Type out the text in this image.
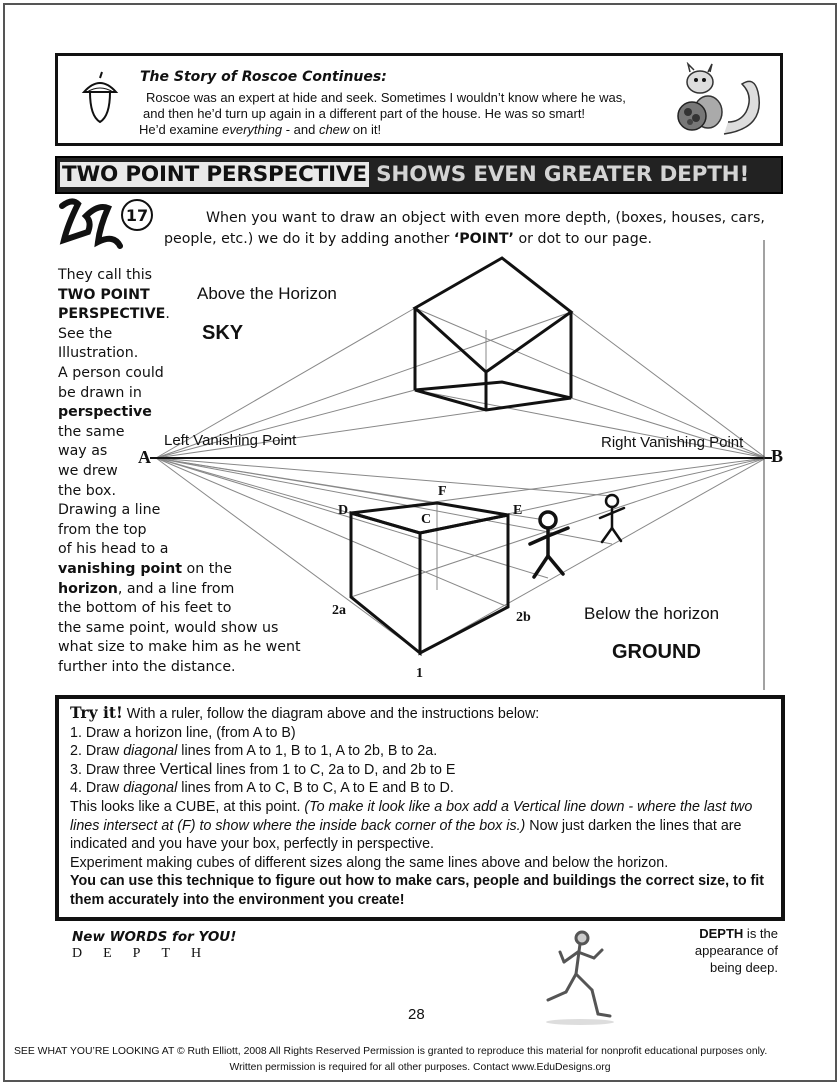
The Story of Roscoe Continues:
Roscoe was an expert at hide and seek. Sometimes I wouldn’t know where he was,
and then he’d turn up again in a different part of the house. He was so smart!
He’d examine everything - and chew on it!
TWO POINT PERSPECTIVE SHOWS EVEN GREATER DEPTH!
17	When you want to draw an object with even more depth, (boxes, houses, cars, people, etc.) we do it by adding another ‘POINT’ or dot to our page.
They call this
TWO POINT
PERSPECTIVE.
See the
Illustration.
A person could
be drawn in
perspective
the same
way as
we drew
the box.
Drawing a line
from the top
of his head to a
vanishing point on the
horizon, and a line from
the bottom of his feet to
the same point, would show us
what size to make him as he went
further into the distance.
Above the Horizon
SKY
Left Vanishing Point	Right Vanishing Point
A	B
F
D	E
C
2a	2b
1
Below the horizon
GROUND
Try it! With a ruler, follow the diagram above and the instructions below:
1. Draw a horizon line, (from A to B)
2. Draw diagonal lines from A to 1, B to 1, A to 2b, B to 2a.
3. Draw three Vertical lines from 1 to C, 2a to D, and 2b to E
4. Draw diagonal lines from A to C, B to C, A to E and B to D.
This looks like a CUBE, at this point. (To make it look like a box add a Vertical line down - where the last two lines intersect at (F) to show where the inside back corner of the box is.) Now just darken the lines that are indicated and you have your box, perfectly in perspective.
Experiment making cubes of different sizes along the same lines above and below the horizon.
You can use this technique to figure out how to make cars, people and buildings the correct size, to fit them accurately into the environment you create!
New WORDS for YOU!
DEPTH
DEPTH is the appearance of being deep.
28
SEE WHAT YOU’RE LOOKING AT © Ruth Elliott, 2008 All Rights Reserved Permission is granted to reproduce this material for nonprofit educational purposes only.
Written permission is required for all other purposes. Contact www.EduDesigns.org
